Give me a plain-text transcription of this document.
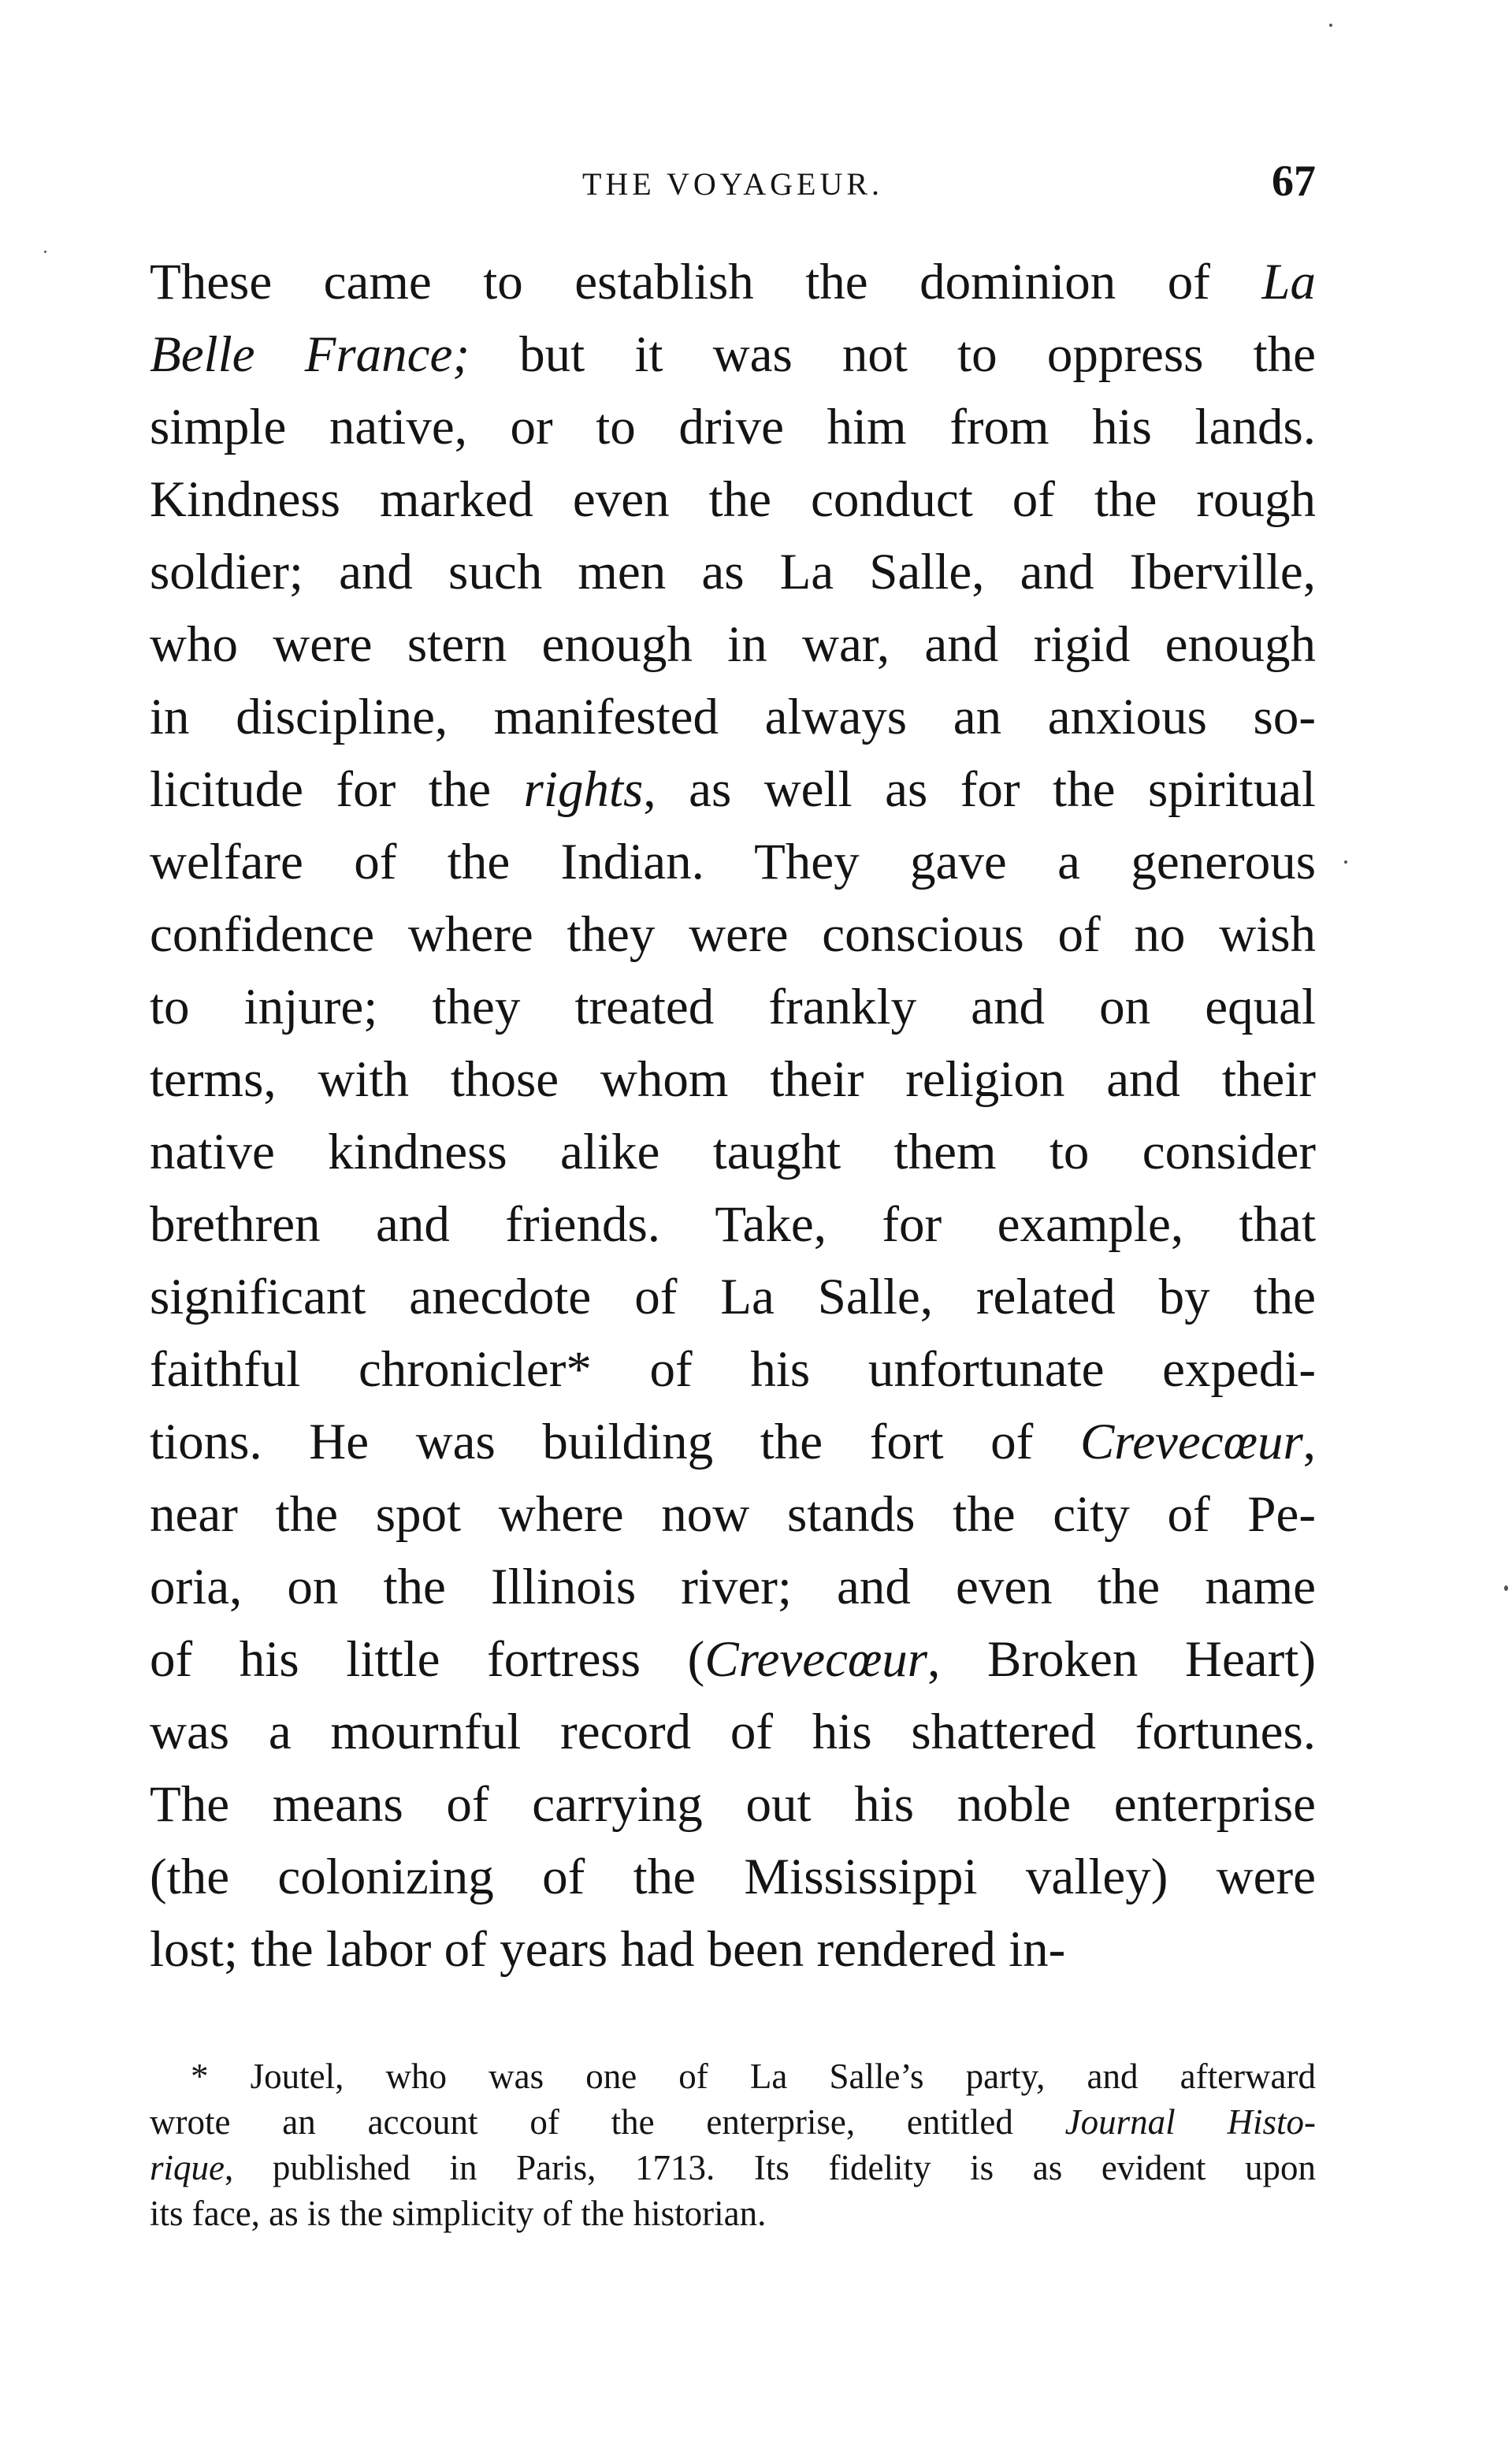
THE VOYAGEUR.	67
These came to establish the dominion of La
Belle France; but it was not to oppress the
simple native, or to drive him from his lands.
Kindness marked even the conduct of the rough
soldier; and such men as La Salle, and Iberville,
who were stern enough in war, and rigid enough
in discipline, manifested always an anxious so-
licitude for the rights, as well as for the spiritual
welfare of the Indian. They gave a generous
confidence where they were conscious of no wish
to injure; they treated frankly and on equal
terms, with those whom their religion and their
native kindness alike taught them to consider
brethren and friends. Take, for example, that
significant anecdote of La Salle, related by the
faithful chronicler* of his unfortunate expedi-
tions. He was building the fort of Crevecœur,
near the spot where now stands the city of Pe-
oria, on the Illinois river; and even the name
of his little fortress (Crevecœur, Broken Heart)
was a mournful record of his shattered fortunes.
The means of carrying out his noble enterprise
(the colonizing of the Mississippi valley) were
lost; the labor of years had been rendered in-
* Joutel, who was one of La Salle’s party, and afterward
wrote an account of the enterprise, entitled Journal Histo-
rique, published in Paris, 1713. Its fidelity is as evident upon
its face, as is the simplicity of the historian.
